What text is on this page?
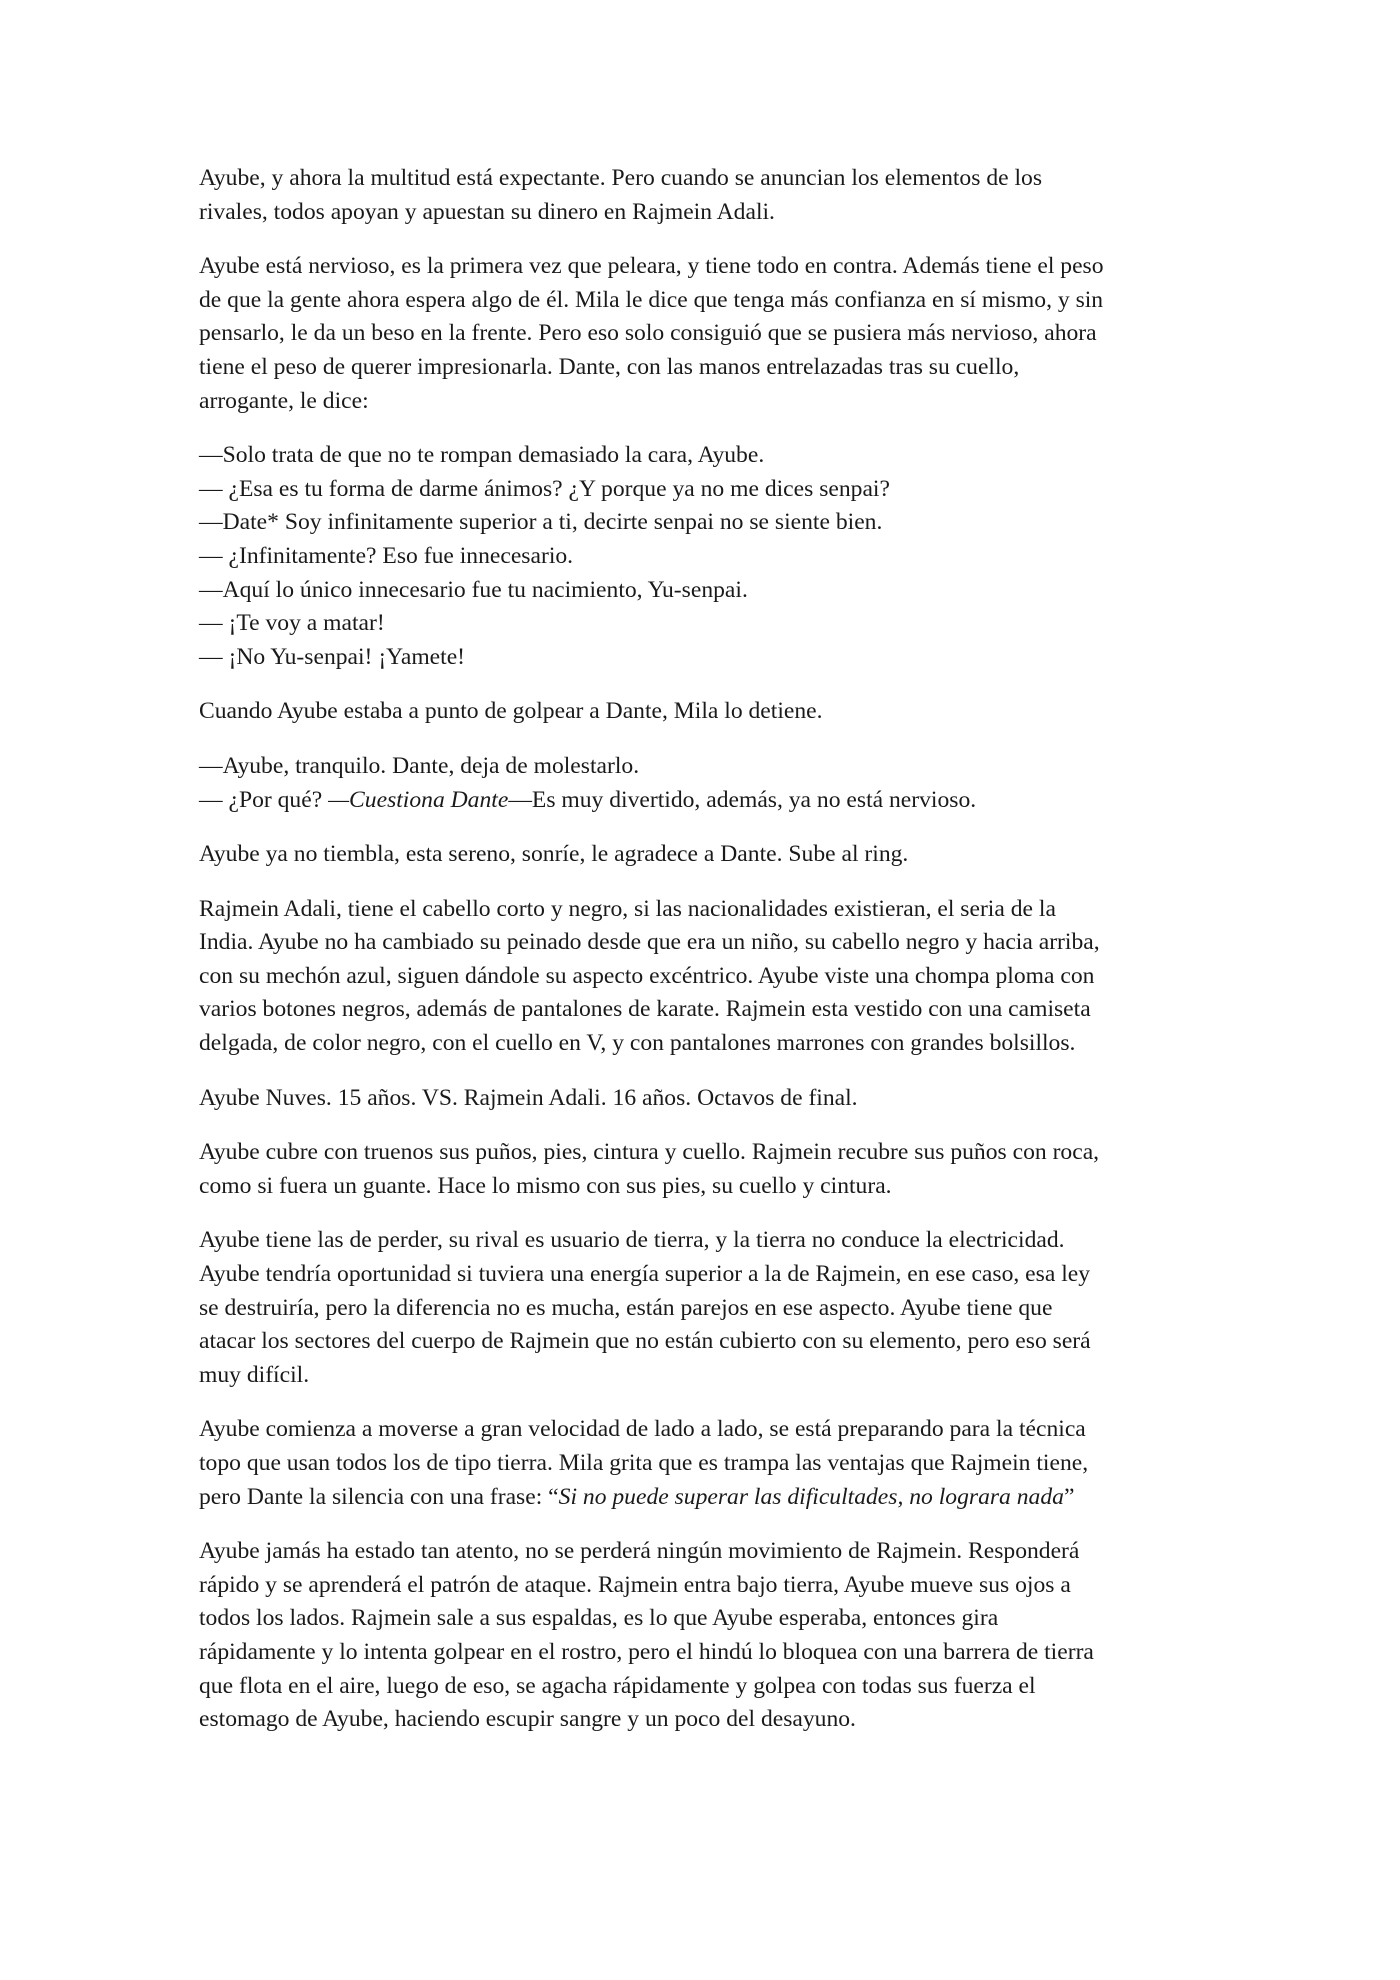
Ayube, y ahora la multitud está expectante. Pero cuando se anuncian los elementos de los
rivales, todos apoyan y apuestan su dinero en Rajmein Adali.

Ayube está nervioso, es la primera vez que peleara, y tiene todo en contra. Además tiene el peso
de que la gente ahora espera algo de él. Mila le dice que tenga más confianza en sí mismo, y sin
pensarlo, le da un beso en la frente. Pero eso solo consiguió que se pusiera más nervioso, ahora
tiene el peso de querer impresionarla. Dante, con las manos entrelazadas tras su cuello,
arrogante, le dice:

—Solo trata de que no te rompan demasiado la cara, Ayube.
— ¿Esa es tu forma de darme ánimos? ¿Y porque ya no me dices senpai?
—Date* Soy infinitamente superior a ti, decirte senpai no se siente bien.
— ¿Infinitamente? Eso fue innecesario.
—Aquí lo único innecesario fue tu nacimiento, Yu-senpai.
— ¡Te voy a matar!
— ¡No Yu-senpai! ¡Yamete!

Cuando Ayube estaba a punto de golpear a Dante, Mila lo detiene.

—Ayube, tranquilo. Dante, deja de molestarlo.
— ¿Por qué? —Cuestiona Dante—Es muy divertido, además, ya no está nervioso.

Ayube ya no tiembla, esta sereno, sonríe, le agradece a Dante. Sube al ring.

Rajmein Adali, tiene el cabello corto y negro, si las nacionalidades existieran, el seria de la
India. Ayube no ha cambiado su peinado desde que era un niño, su cabello negro y hacia arriba,
con su mechón azul, siguen dándole su aspecto excéntrico. Ayube viste una chompa ploma con
varios botones negros, además de pantalones de karate. Rajmein esta vestido con una camiseta
delgada, de color negro, con el cuello en V, y con pantalones marrones con grandes bolsillos.

Ayube Nuves. 15 años. VS. Rajmein Adali. 16 años. Octavos de final.

Ayube cubre con truenos sus puños, pies, cintura y cuello. Rajmein recubre sus puños con roca,
como si fuera un guante. Hace lo mismo con sus pies, su cuello y cintura.

Ayube tiene las de perder, su rival es usuario de tierra, y la tierra no conduce la electricidad.
Ayube tendría oportunidad si tuviera una energía superior a la de Rajmein, en ese caso, esa ley
se destruiría, pero la diferencia no es mucha, están parejos en ese aspecto. Ayube tiene que
atacar los sectores del cuerpo de Rajmein que no están cubierto con su elemento, pero eso será
muy difícil.

Ayube comienza a moverse a gran velocidad de lado a lado, se está preparando para la técnica
topo que usan todos los de tipo tierra. Mila grita que es trampa las ventajas que Rajmein tiene,
pero Dante la silencia con una frase: “Si no puede superar las dificultades, no lograra nada”

Ayube jamás ha estado tan atento, no se perderá ningún movimiento de Rajmein. Responderá
rápido y se aprenderá el patrón de ataque. Rajmein entra bajo tierra, Ayube mueve sus ojos a
todos los lados. Rajmein sale a sus espaldas, es lo que Ayube esperaba, entonces gira
rápidamente y lo intenta golpear en el rostro, pero el hindú lo bloquea con una barrera de tierra
que flota en el aire, luego de eso, se agacha rápidamente y golpea con todas sus fuerza el
estomago de Ayube, haciendo escupir sangre y un poco del desayuno.
